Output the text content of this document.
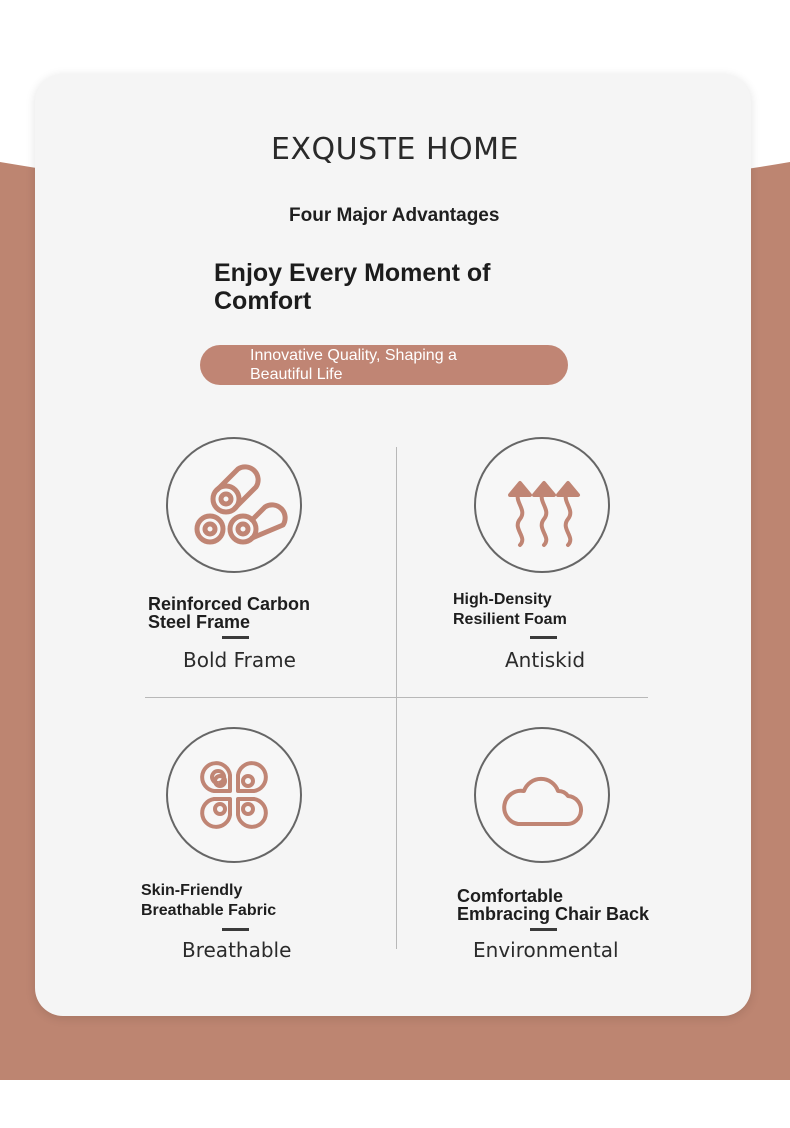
EXQUSTE HOME
Four Major Advantages
Enjoy Every Moment of Comfort
Innovative Quality, Shaping a Beautiful Life
Reinforced Carbon
Steel Frame
Bold Frame
High-Density
Resilient Foam
Antiskid
Skin-Friendly
Breathable Fabric
Breathable
Comfortable
Embracing Chair Back
Environmental
